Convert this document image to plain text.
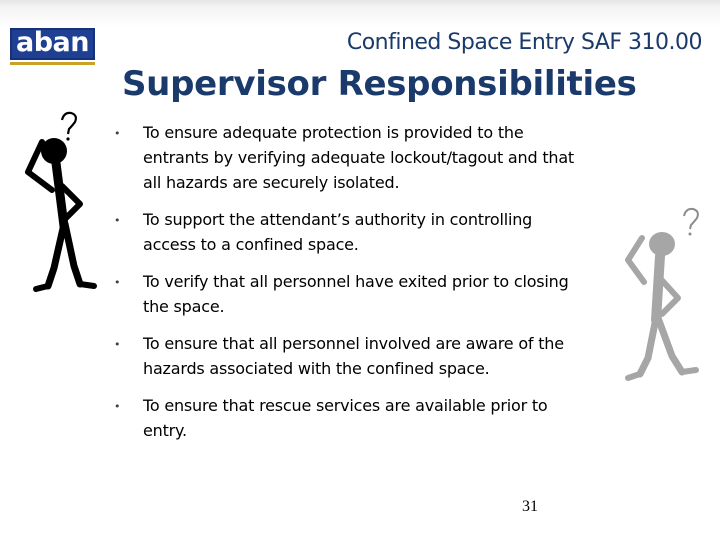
aban	Confined Space Entry SAF 310.00
Supervisor Responsibilities
• To ensure adequate protection is provided to the entrants by verifying adequate lockout/tagout and that all hazards are securely isolated.
• To support the attendant’s authority in controlling access to a confined space.
• To verify that all personnel have exited prior to closing the space.
• To ensure that all personnel involved are aware of the hazards associated with the confined space.
• To ensure that rescue services are available prior to entry.
31
